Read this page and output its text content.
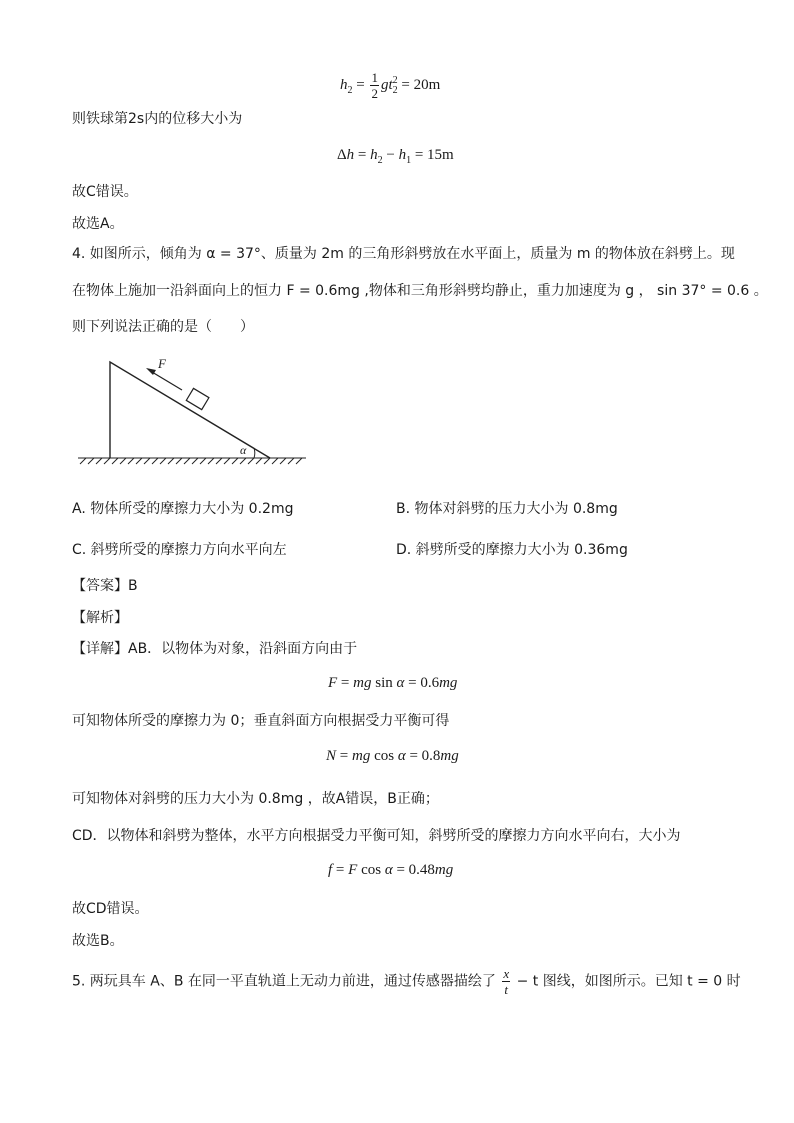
$h_2 = \frac{1}{2} gt^2_2 = 20m$
则铁球第2s内的位移大小为
$\Delta h = h_2 - h_1 = 15m$
故C错误。
故选A。
4. 如图所示，倾角为 α = 37°、质量为 2m 的三角形斜劈放在水平面上，质量为 m 的物体放在斜劈上。现
在物体上施加一沿斜面向上的恒力 F = 0.6mg ,物体和三角形斜劈均静止，重力加速度为 g ， sin 37° = 0.6 。
则下列说法正确的是（　　）
F
α
A. 物体所受的摩擦力大小为 0.2mg	B. 物体对斜劈的压力大小为 0.8mg
C. 斜劈所受的摩擦力方向水平向左	D. 斜劈所受的摩擦力大小为 0.36mg
【答案】B
【解析】
【详解】AB．以物体为对象，沿斜面方向由于
F = mg sin α = 0.6mg
可知物体所受的摩擦力为 0；垂直斜面方向根据受力平衡可得
N = mg cos α = 0.8mg
可知物体对斜劈的压力大小为 0.8mg ，故A错误，B正确；
CD．以物体和斜劈为整体，水平方向根据受力平衡可知，斜劈所受的摩擦力方向水平向右，大小为
f = F cos α = 0.48mg
故CD错误。
故选B。
5. 两玩具车 A、B 在同一平直轨道上无动力前进，通过传感器描绘了 $\frac{x}{t} - t$ 图线，如图所示。已知 t = 0 时
